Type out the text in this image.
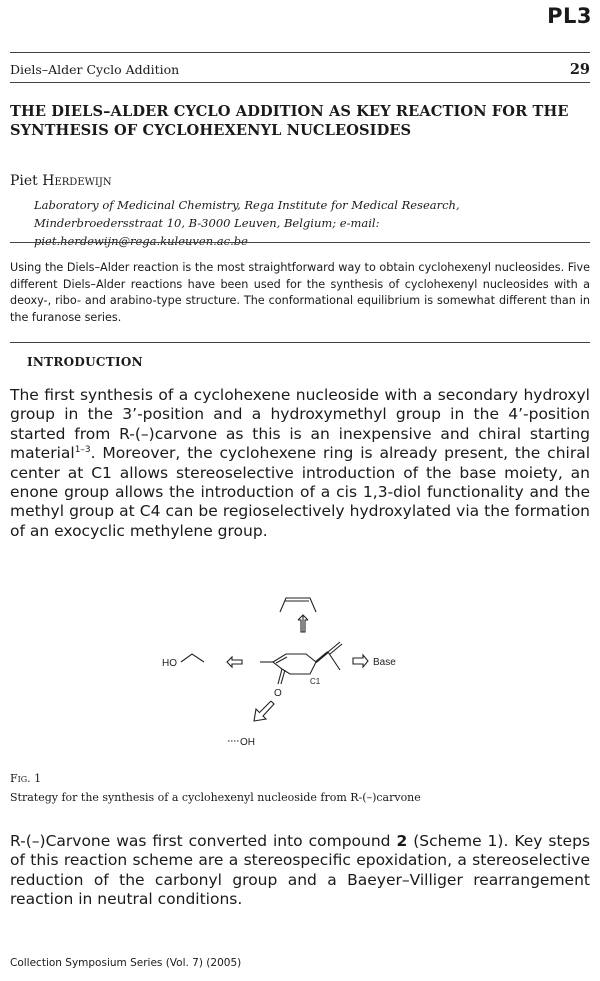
PL3
Diels–Alder Cyclo Addition	29
THE DIELS–ALDER CYCLO ADDITION AS KEY REACTION FOR THE
SYNTHESIS OF CYCLOHEXENYL NUCLEOSIDES
Piet Herdewijn
Laboratory of Medicinal Chemistry, Rega Institute for Medical Research,
Minderbroedersstraat 10, B-3000 Leuven, Belgium; e-mail: piet.herdewijn@rega.kuleuven.ac.be
Using the Diels–Alder reaction is the most straightforward way to obtain cyclohexenyl nucleosides. Five different Diels–Alder reactions have been used for the synthesis of cyclohexenyl nucleosides with a deoxy-, ribo- and arabino-type structure. The conformational equilibrium is somewhat different than in the furanose series.
INTRODUCTION
The first synthesis of a cyclohexene nucleoside with a secondary hydroxyl group in the 3’-position and a hydroxymethyl group in the 4’-position started from R-(–)carvone as this is an inexpensive and chiral starting material$^{1-3}$. Moreover, the cyclohexene ring is already present, the chiral center at C1 allows stereoselective introduction of the base moiety, an enone group allows the introduction of a cis 1,3-diol functionality and the methyl group at C4 can be regioselectively hydroxylated via the formation of an exocyclic methylene group.
HO	Base
C1
O
OH
Fig. 1
Strategy for the synthesis of a cyclohexenyl nucleoside from R-(–)carvone
R-(–)Carvone was first converted into compound 2 (Scheme 1). Key steps of this reaction scheme are a stereospecific epoxidation, a stereoselective reduction of the carbonyl group and a Baeyer–Villiger rearrangement reaction in neutral conditions.
Collection Symposium Series (Vol. 7) (2005)
